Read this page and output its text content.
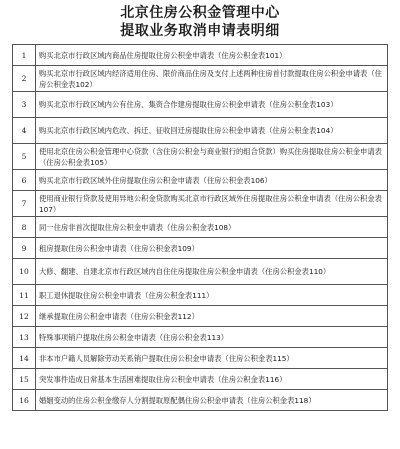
北京住房公积金管理中心
提取业务取消申请表明细
1	购买北京市行政区域内商品住房提取住房公积金申请表（住房公积金表101）
2	购买北京市行政区域内经济适用住房、限价商品住房及支付上述两种住房首付款提取住房公积金申请表（住房公积金表102）
3	购买北京市行政区域内公有住房、集资合作建房提取住房公积金申请表（住房公积金表103）
4	购买北京市行政区域内危改、拆迁、征收回迁房提取住房公积金申请表（住房公积金表104）
5	使用北京住房公积金管理中心贷款（含住房公积金与商业银行的组合贷款）购买住房提取住房公积金申请表（住房公积金表105）
6	购买北京市行政区域外住房提取住房公积金申请表（住房公积金表106）
7	使用商业银行贷款及使用异地公积金贷款购买北京市行政区域外住房提取住房公积金申请表（住房公积金表107）
8	同一住房非首次提取住房公积金申请表（住房公积金表108）
9	租房提取住房公积金申请表（住房公积金表109）
10	大修、翻建、自建北京市行政区域内自住住房提取住房公积金申请表（住房公积金表110）
11	职工退休提取住房公积金申请表（住房公积金表111）
12	继承提取住房公积金申请表（住房公积金表112）
13	特殊事项销户提取住房公积金申请表（住房公积金表113）
14	非本市户籍人员解除劳动关系销户提取住房公积金申请表（住房公积金表115）
15	突发事件造成日常基本生活困难提取住房公积金申请表（住房公积金表116）
16	婚姻变动的住房公积金缴存人分割提取原配偶住房公积金申请表（住房公积金表118）
